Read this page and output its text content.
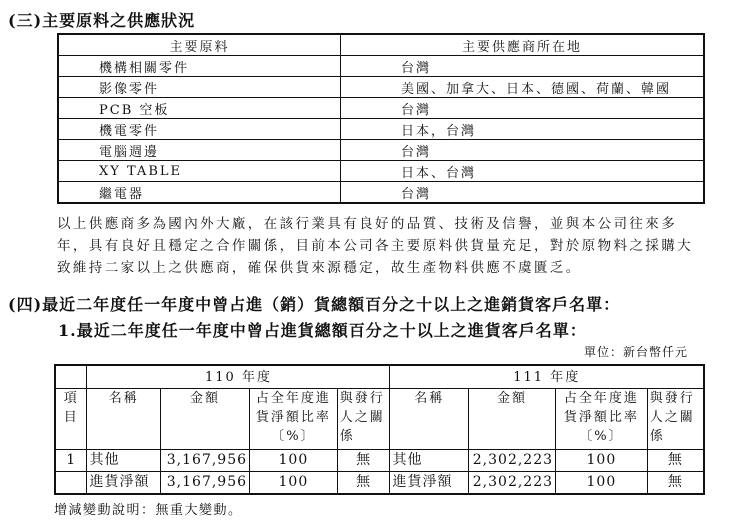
(三)主要原料之供應狀況
主要原料	主要供應商所在地
機構相關零件	台灣
影像零件	美國、加拿大、日本、德國、荷蘭、韓國
PCB 空板	台灣
機電零件	日本，台灣
電腦週邊	台灣
XY TABLE	日本、台灣
繼電器	台灣
以上供應商多為國內外大廠，在該行業具有良好的品質、技術及信譽，並與本公司往來多年，具有良好且穩定之合作關係，目前本公司各主要原料供貨量充足，對於原物料之採購大致維持二家以上之供應商，確保供貨來源穩定，故生產物料供應不虞匱乏。
(四)最近二年度任一年度中曾占進（銷）貨總額百分之十以上之進銷貨客戶名單：
1.最近二年度任一年度中曾占進貨總額百分之十以上之進貨客戶名單：
單位：新台幣仟元
	110 年度				111 年度			
項目	名稱	金額	占全年度進貨淨額比率〔%〕	與發行人之關係	名稱	金額	占全年度進貨淨額比率〔%〕	與發行人之關係
1	其他	3,167,956	100	無	其他	2,302,223	100	無
	進貨淨額	3,167,956	100	無	進貨淨額	2,302,223	100	無
增減變動說明：無重大變動。
